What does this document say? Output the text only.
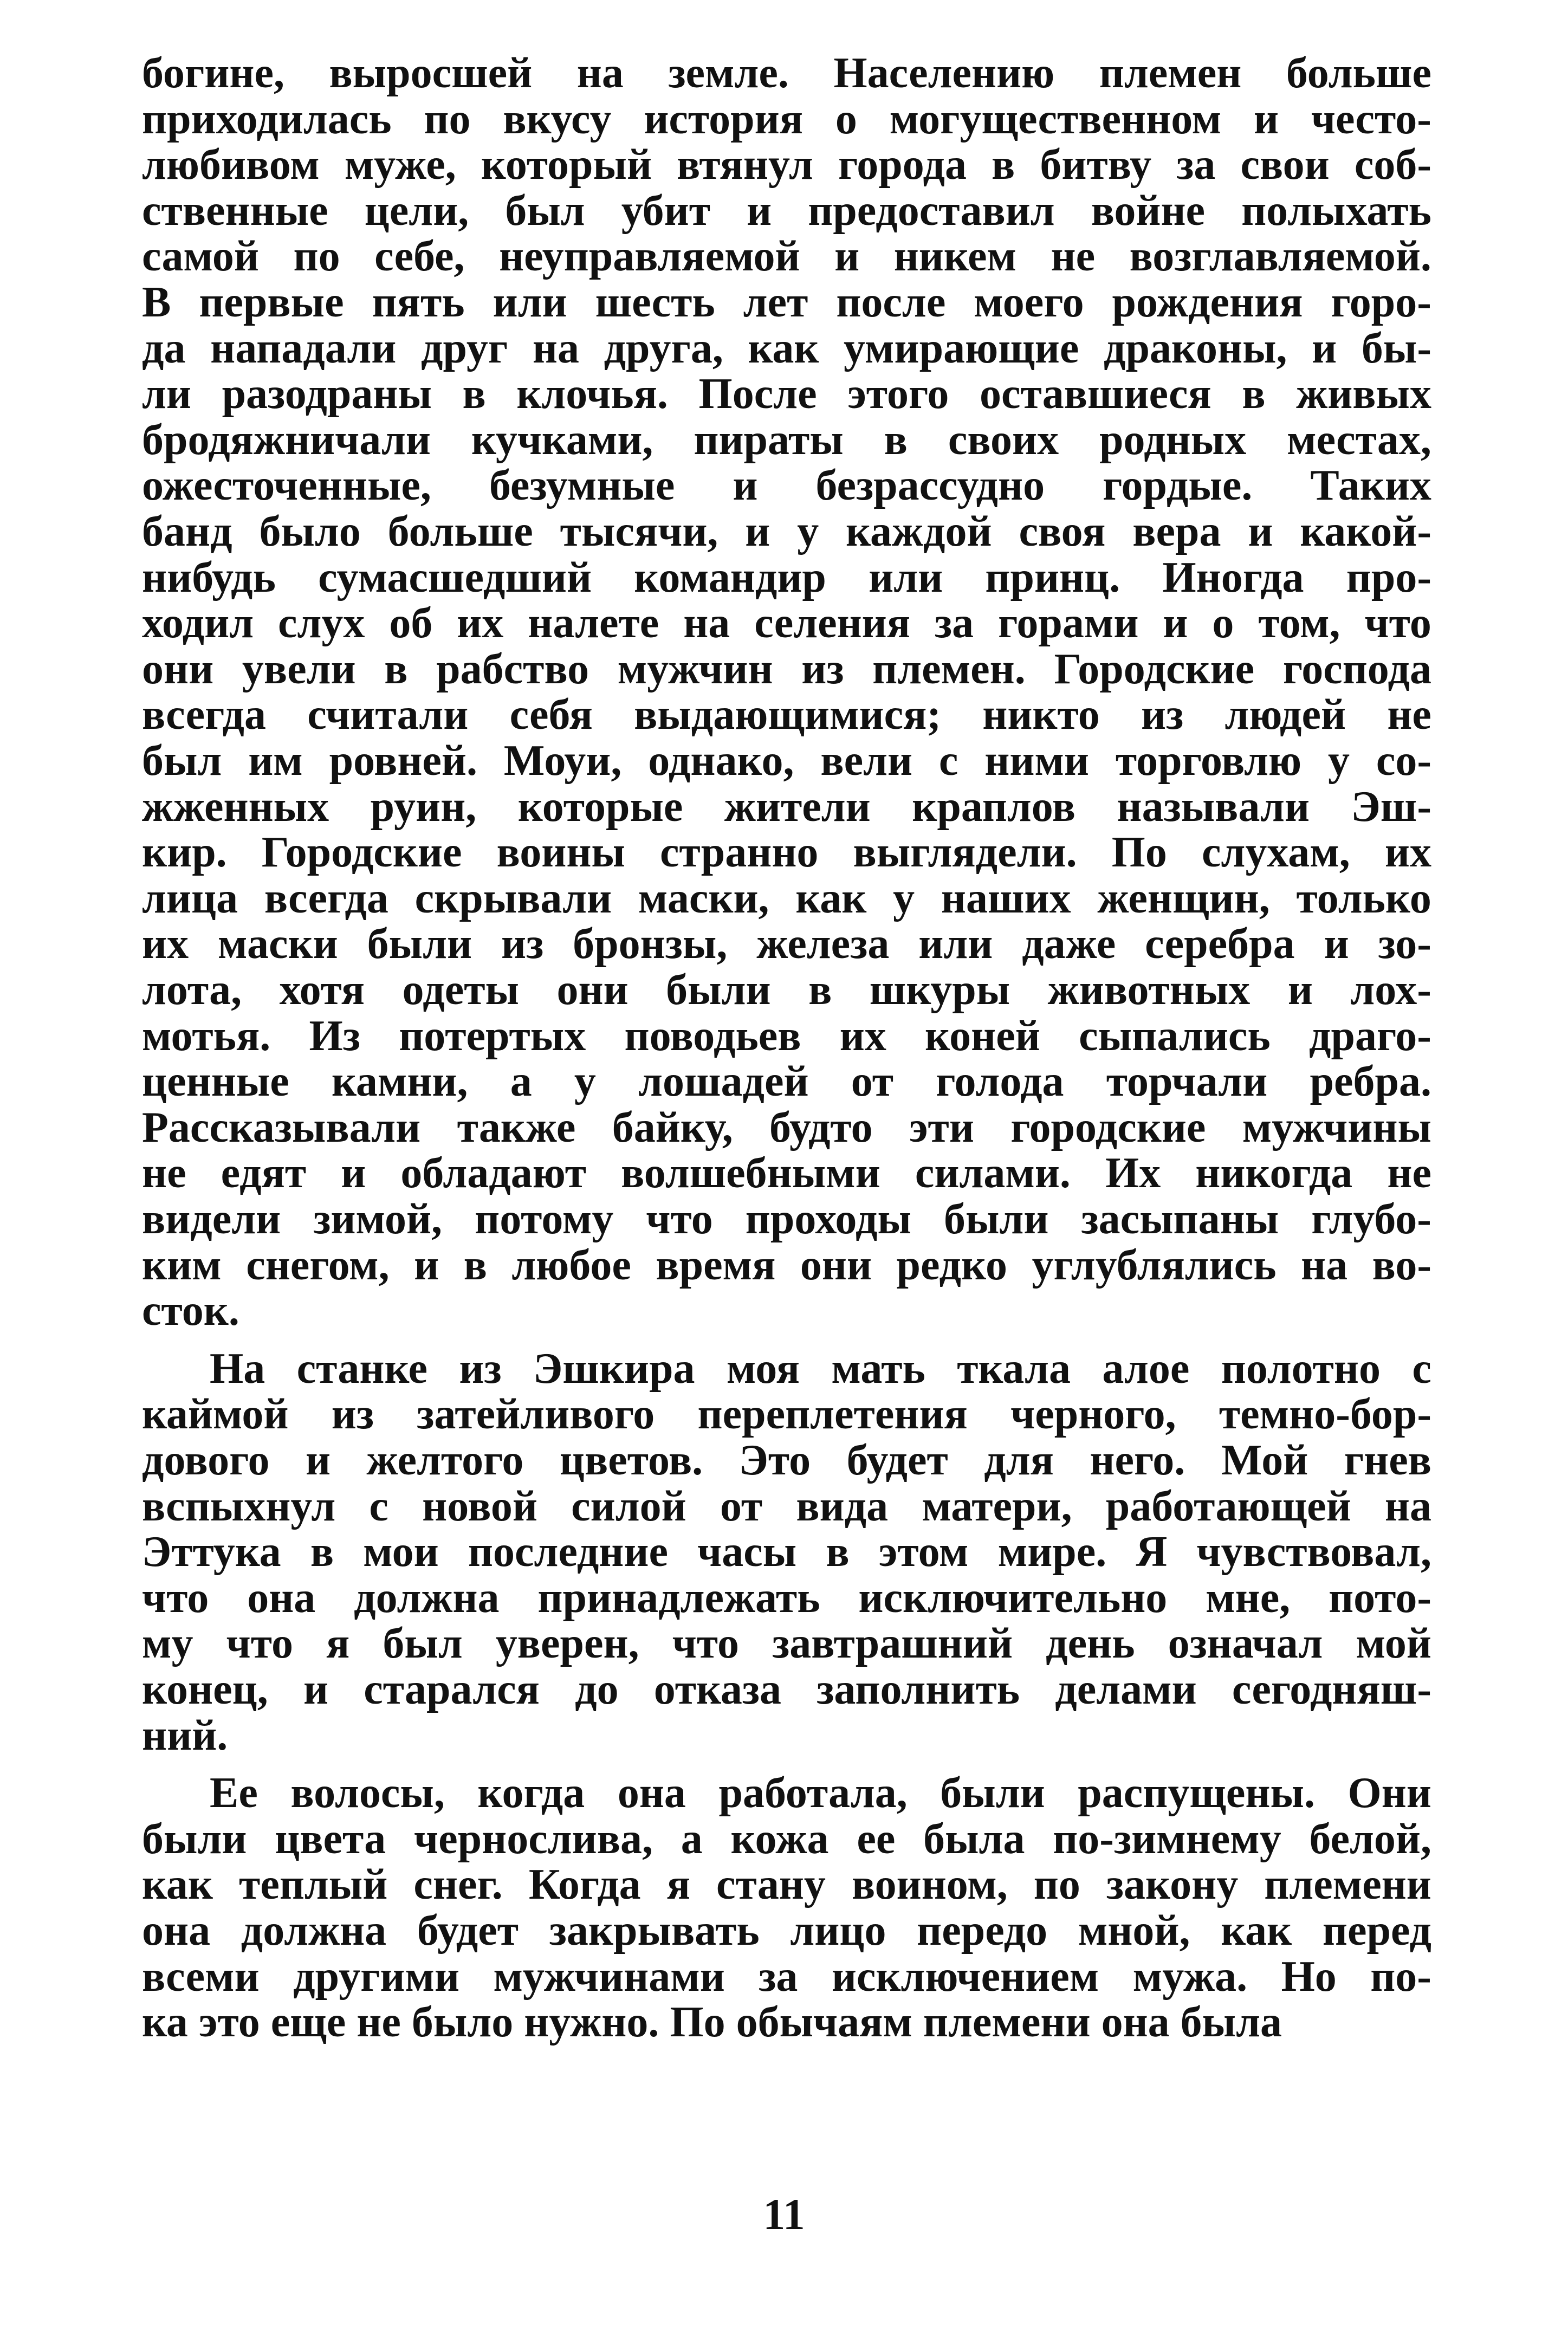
богине, выросшей на земле. Населению племен больше
приходилась по вкусу история о могущественном и често-
любивом муже, который втянул города в битву за свои соб-
ственные цели, был убит и предоставил войне полыхать
самой по себе, неуправляемой и никем не возглавляемой.
В первые пять или шесть лет после моего рождения горо-
да нападали друг на друга, как умирающие драконы, и бы-
ли разодраны в клочья. После этого оставшиеся в живых
бродяжничали кучками, пираты в своих родных местах,
ожесточенные, безумные и безрассудно гордые. Таких
банд было больше тысячи, и у каждой своя вера и какой-
нибудь сумасшедший командир или принц. Иногда про-
ходил слух об их налете на селения за горами и о том, что
они увели в рабство мужчин из племен. Городские господа
всегда считали себя выдающимися; никто из людей не
был им ровней. Моуи, однако, вели с ними торговлю у со-
жженных руин, которые жители краплов называли Эш-
кир. Городские воины странно выглядели. По слухам, их
лица всегда скрывали маски, как у наших женщин, только
их маски были из бронзы, железа или даже серебра и зо-
лота, хотя одеты они были в шкуры животных и лох-
мотья. Из потертых поводьев их коней сыпались драго-
ценные камни, а у лошадей от голода торчали ребра.
Рассказывали также байку, будто эти городские мужчины
не едят и обладают волшебными силами. Их никогда не
видели зимой, потому что проходы были засыпаны глубо-
ким снегом, и в любое время они редко углублялись на во-
сток.
На станке из Эшкира моя мать ткала алое полотно с
каймой из затейливого переплетения черного, темно-бор-
дового и желтого цветов. Это будет для него. Мой гнев
вспыхнул с новой силой от вида матери, работающей на
Эттука в мои последние часы в этом мире. Я чувствовал,
что она должна принадлежать исключительно мне, пото-
му что я был уверен, что завтрашний день означал мой
конец, и старался до отказа заполнить делами сегодняш-
ний.
Ее волосы, когда она работала, были распущены. Они
были цвета чернослива, а кожа ее была по-зимнему белой,
как теплый снег. Когда я стану воином, по закону племени
она должна будет закрывать лицо передо мной, как перед
всеми другими мужчинами за исключением мужа. Но по-
ка это еще не было нужно. По обычаям племени она была
11
